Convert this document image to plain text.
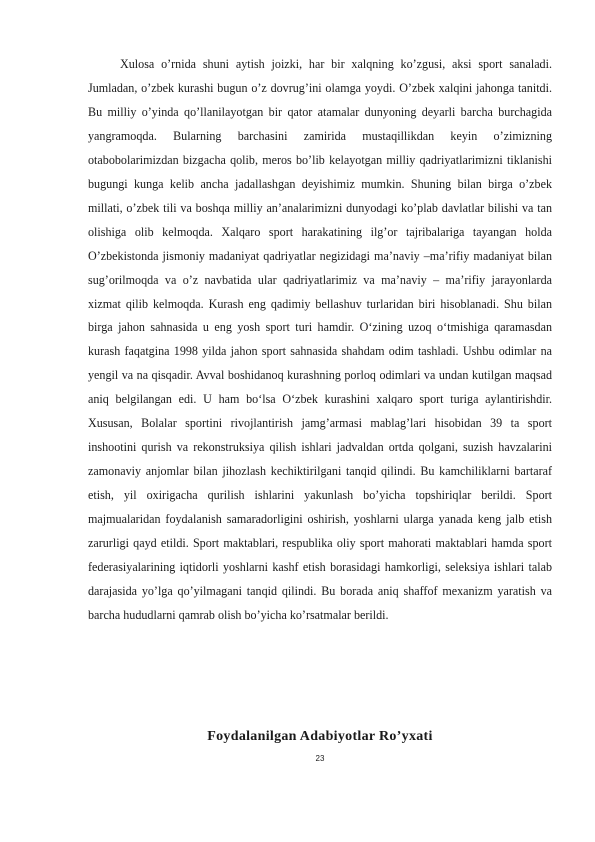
Xulosa o’rnida shuni aytish joizki, har bir xalqning ko’zgusi, aksi sport sanaladi. Jumladan, o’zbek kurashi bugun o’z dovrug’ini olamga yoydi. O’zbek xalqini jahonga tanitdi. Bu milliy o’yinda qo’llanilayotgan bir qator atamalar dunyoning deyarli barcha burchagida yangramoqda. Bularning barchasini zamirida mustaqillikdan keyin o’zimizning otabobolarimizdan bizgacha qolib, meros bo’lib kelayotgan milliy qadriyatlarimizni tiklanishi bugungi kunga kelib ancha jadallashgan deyishimiz mumkin. Shuning bilan birga o’zbek millati, o’zbek tili va boshqa milliy an’analarimizni dunyodagi ko’plab davlatlar bilishi va tan olishiga olib kelmoqda. Xalqaro sport harakatining ilg’or tajribalariga tayangan holda O’zbekistonda jismoniy madaniyat qadriyatlar negizidagi ma’naviy –ma’rifiy madaniyat bilan sug’orilmoqda va o’z navbatida ular qadriyatlarimiz va ma’naviy – ma’rifiy jarayonlarda xizmat qilib kelmoqda. Kurash eng qadimiy bellashuv turlaridan biri hisoblanadi. Shu bilan birga jahon sahnasida u eng yosh sport turi hamdir. O‘zining uzoq o‘tmishiga qaramasdan kurash faqatgina 1998 yilda jahon sport sahnasida shahdam odim tashladi. Ushbu odimlar na yengil va na qisqadir. Avval boshidanoq kurashning porloq odimlari va undan kutilgan maqsad aniq belgilangan edi. U ham bo‘lsa O‘zbek kurashini xalqaro sport turiga aylantirishdir. Xususan, Bolalar sportini rivojlantirish jamg’armasi mablag’lari hisobidan 39 ta sport inshootini qurish va rekonstruksiya qilish ishlari jadvaldan ortda qolgani, suzish havzalarini zamonaviy anjomlar bilan jihozlash kechiktirilgani tanqid qilindi. Bu kamchiliklarni bartaraf etish, yil oxirigacha qurilish ishlarini yakunlash bo’yicha topshiriqlar berildi. Sport majmualaridan foydalanish samaradorligini oshirish, yoshlarni ularga yanada keng jalb etish zarurligi qayd etildi. Sport maktablari, respublika oliy sport mahorati maktablari hamda sport federasiyalarining iqtidorli yoshlarni kashf etish borasidagi hamkorligi, seleksiya ishlari talab darajasida yo’lga qo’yilmagani tanqid qilindi. Bu borada aniq shaffof mexanizm yaratish va barcha hududlarni qamrab olish bo’yicha ko’rsatmalar berildi.

Foydalanilgan Adabiyotlar Ro’yxati
23
